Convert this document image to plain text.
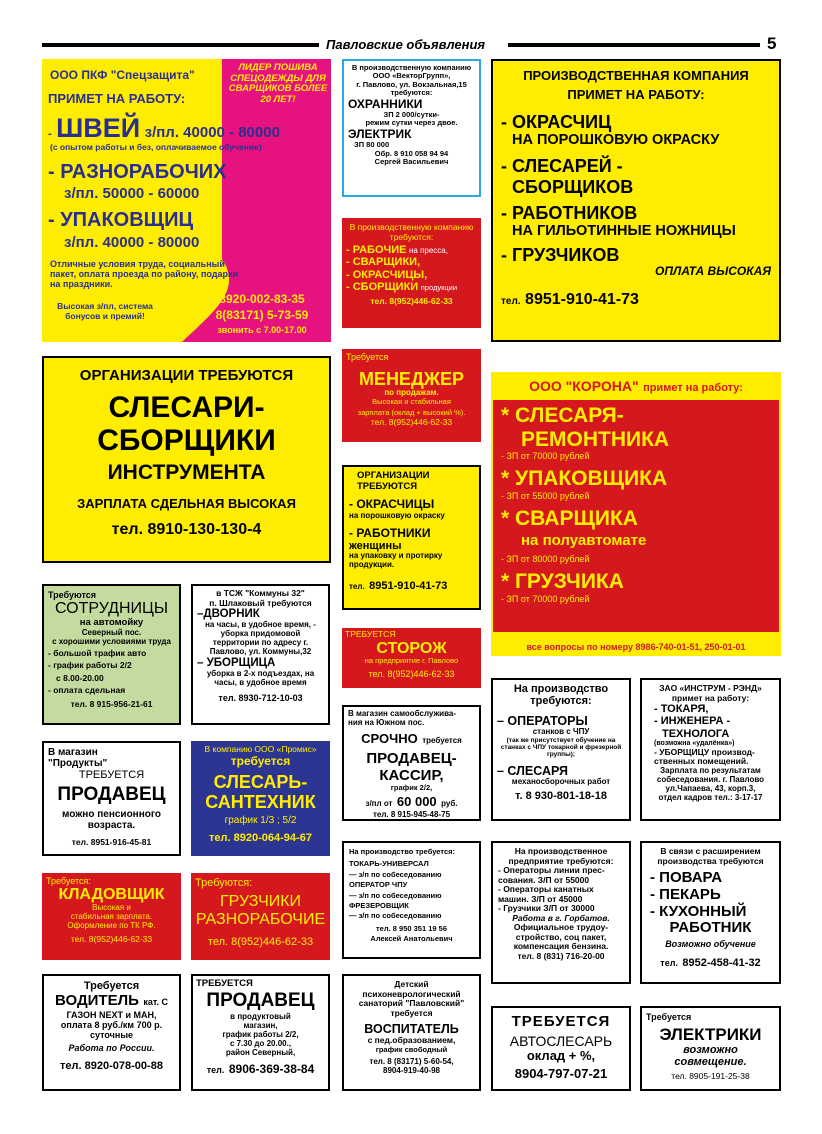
Павловские объявления	5

ООО ПКФ "Спецзащита"

ЛИДЕР ПОШИВА СПЕЦОДЕЖДЫ ДЛЯ СВАРЩИКОВ БОЛЕЕ 20 ЛЕТ!

ПРИМЕТ НА РАБОТУ:

- ШВЕЙ з/пл. 40000 - 80000

(с опытом работы и без, оплачиваемое обучение)

- РАЗНОРАБОЧИХ

з/пл. 50000 - 60000

- УПАКОВЩИЦ

з/пл. 40000 - 80000

Отличные условия труда, социальный пакет, оплата проезда по району, подарки на праздники.

Высокая з/пл, система бонусов и премий!

8920-002-83-35

8(83171) 5-73-59

звонить с 7.00-17.00

В производственную компанию

ООО «ВекторГрупп»,

г. Павлово, ул. Вокзальная,15

требуются:

ОХРАННИКИ

ЗП 2 000/сутки-

режим сутки через двое.

ЭЛЕКТРИК

ЗП 80 000

Обр. 8 910 058 94 94

Сергей Васильевич

ПРОИЗВОДСТВЕННАЯ КОМПАНИЯ

ПРИМЕТ НА РАБОТУ:

- ОКРАСЧИЦ

НА ПОРОШКОВУЮ ОКРАСКУ

- СЛЕСАРЕЙ -

СБОРЩИКОВ

- РАБОТНИКОВ

НА ГИЛЬОТИННЫЕ НОЖНИЦЫ

- ГРУЗЧИКОВ

ОПЛАТА ВЫСОКАЯ

тел. 8951-910-41-73

В производственную компанию требуются:

- РАБОЧИЕ на пресса,

- СВАРЩИКИ,

- ОКРАСЧИЦЫ,

- СБОРЩИКИ продукции

тел. 8(952)446-62-33

ОРГАНИЗАЦИИ ТРЕБУЮТСЯ

СЛЕСАРИ-

СБОРЩИКИ

ИНСТРУМЕНТА

ЗАРПЛАТА СДЕЛЬНАЯ ВЫСОКАЯ

тел. 8910-130-130-4

Требуется

МЕНЕДЖЕР

по продажам.

Высокая и стабильная

зарплата (оклад + высокий %).

тел. 8(952)446-62-33

ООО "КОРОНА" примет на работу:

* СЛЕСАРЯ-

РЕМОНТНИКА

- ЗП от 70000 рублей

* УПАКОВЩИКА

- ЗП от 55000 рублей

* СВАРЩИКА

на полуавтомате

- ЗП от 80000 рублей

* ГРУЗЧИКА

- ЗП от 70000 рублей

все вопросы по номеру 8986-740-01-51, 250-01-01

ОРГАНИЗАЦИИ

ТРЕБУЮТСЯ

- ОКРАСЧИЦЫ

на порошковую окраску

- РАБОТНИКИ

женщины

на упаковку и протирку продукции.

тел. 8951-910-41-73

Требуются

СОТРУДНИЦЫ

на автомойку

Северный пос.

с хорошими условиями труда

- большой трафик авто

- график работы 2/2

с 8.00-20.00

- оплата сдельная

тел. 8 915-956-21-61

в ТСЖ "Коммуны 32"

п. Шлаковый требуются

–ДВОРНИК

на часы, в удобное время, - уборка придомовой территории по адресу г. Павлово, ул. Коммуны,32

– УБОРЩИЦА

уборка в 2-х подъездах, на часы, в удобное время

тел. 8930-712-10-03

ТРЕБУЕТСЯ

СТОРОЖ

на предприятие г. Павлово

тел. 8(952)446-62-33

На производство

требуются:

– ОПЕРАТОРЫ

станков с ЧПУ

(так же присутствует обучение на станках с ЧПУ токарной и фрезерной группы);

– СЛЕСАРЯ

механосборочных работ

т. 8 930-801-18-18

ЗАО «ИНСТРУМ - РЭНД»

примет на работу:

- ТОКАРЯ,

- ИНЖЕНЕРА -

ТЕХНОЛОГА

(возможна «удалёнка»)

- УБОРЩИЦУ производ-

ственных помещений.

Зарплата по результатам собеседования. г. Павлово ул.Чапаева, 43, корп.3,

отдел кадров тел.: 3-17-17

В магазин

"Продукты"

ТРЕБУЕТСЯ

ПРОДАВЕЦ

можно пенсионного

возраста.

тел. 8951-916-45-81

В компанию ООО «Промис»

требуется

СЛЕСАРЬ-

САНТЕХНИК

график 1/3 ; 5/2

тел. 8920-064-94-67

В магазин самообслужива-

ния на Южном пос.

СРОЧНО требуется

ПРОДАВЕЦ-

КАССИР,

график 2/2,

з/пл от 60 000 руб.

тел. 8 915-945-48-75

Требуется:

КЛАДОВЩИК

Высокая и

стабильная зарплата.

Оформление по ТК РФ.

тел. 8(952)446-62-33

Требуются:

ГРУЗЧИКИ

РАЗНОРАБОЧИЕ

тел. 8(952)446-62-33

На производство требуется:

ТОКАРЬ-УНИВЕРСАЛ

— з/п по собеседованию

ОПЕРАТОР ЧПУ

— з/п по собеседованию

ФРЕЗЕРОВЩИК

— з/п по собеседованию

тел. 8 950 351 19 56

Алексей Анатольевич

На производственное

предприятие требуются:

- Операторы линии прес-

сования. З/П от 55000

- Операторы канатных

машин. З/П от 45000

- Грузчики З/П от 30000

Работа в г. Горбатов.

Официальное трудоу-

стройство, соц пакет,

компенсация бензина.

тел. 8 (831) 716-20-00

В связи с расширением

производства требуются

- ПОВАРА

- ПЕКАРЬ

- КУХОННЫЙ

РАБОТНИК

Возможно обучение

тел. 8952-458-41-32

Требуется

ВОДИТЕЛЬ кат. С

ГАЗОН NEXT и МАН,

оплата 8 руб./км 700 р.

суточные

Работа по России.

тел. 8920-078-00-88

ТРЕБУЕТСЯ

ПРОДАВЕЦ

в продуктовый

магазин,

график работы 2/2,

с 7.30 до 20.00.,

район Северный,

тел. 8906-369-38-84

Детский

психоневрологический

санаторий "Павловский"

требуется

ВОСПИТАТЕЛЬ

с пед.образованием,

график свободный

тел. 8 (83171) 5-60-54,

8904-919-40-98

ТРЕБУЕТСЯ

АВТОСЛЕСАРЬ

оклад + %,

8904-797-07-21

Требуется

ЭЛЕКТРИКИ

возможно

совмещение.

тел. 8905-191-25-38
